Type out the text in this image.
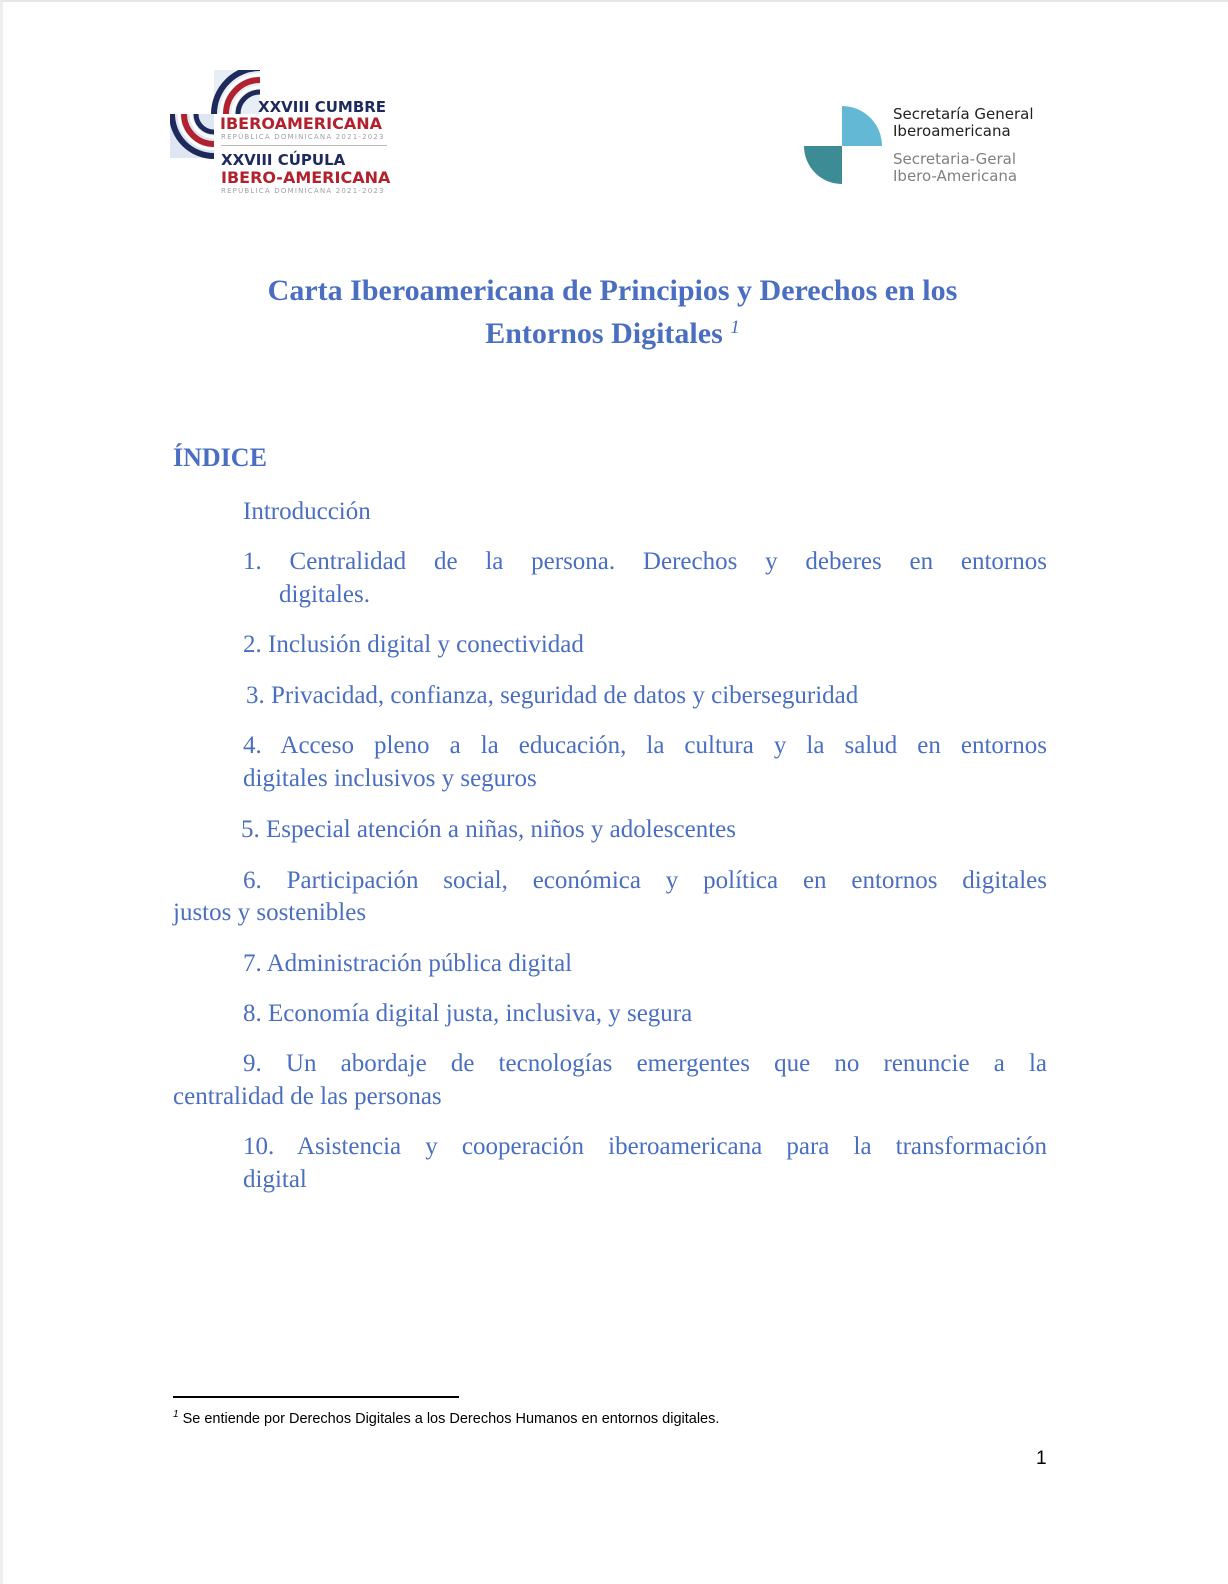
XXVIII CUMBRE
IBEROAMERICANA
REPÚBLICA DOMINICANA 2021-2023
XXVIII CÚPULA
IBERO-AMERICANA
REPÚBLICA DOMINICANA 2021-2023
Secretaría General
Iberoamericana
Secretaria-Geral
Ibero-Americana
Carta Iberoamericana de Principios y Derechos en los
Entornos Digitales $^1$
ÍNDICE
Introducción
1. Centralidad de la persona. Derechos y deberes en entornos
digitales.
2. Inclusión digital y conectividad
3. Privacidad, confianza, seguridad de datos y ciberseguridad
4. Acceso pleno a la educación, la cultura y la salud en entornos
digitales inclusivos y seguros
5. Especial atención a niñas, niños y adolescentes
6. Participación social, económica y política en entornos digitales
justos y sostenibles
7. Administración pública digital
8. Economía digital justa, inclusiva, y segura
9. Un abordaje de tecnologías emergentes que no renuncie a la
centralidad de las personas
10. Asistencia y cooperación iberoamericana para la transformación
digital
$^1$ Se entiende por Derechos Digitales a los Derechos Humanos en entornos digitales.
1
